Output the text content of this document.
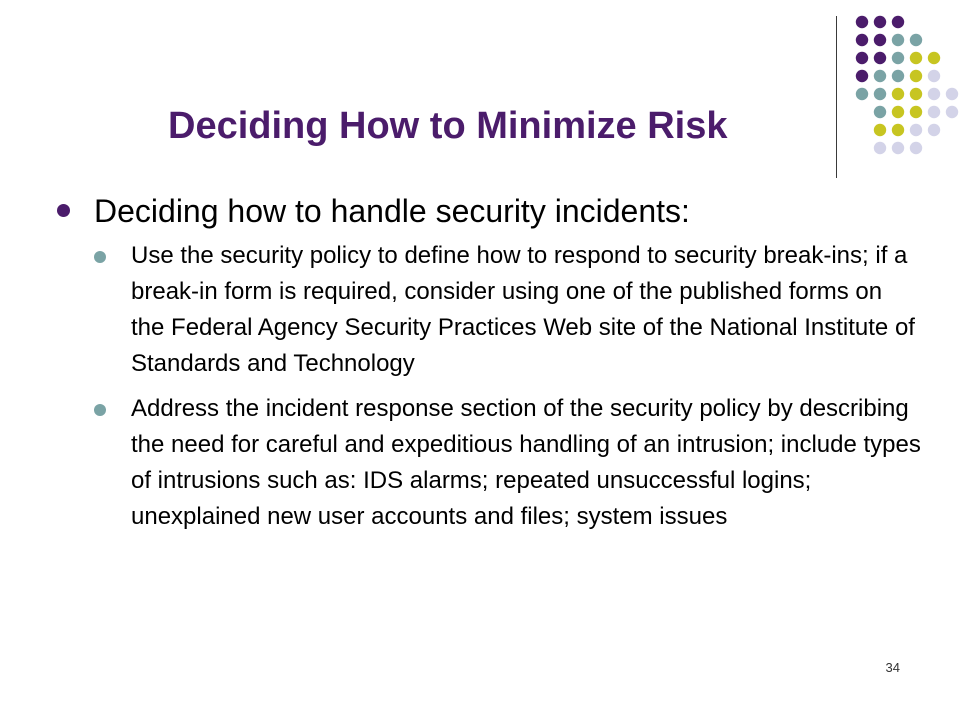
Deciding How to Minimize Risk
Deciding how to handle security incidents:
Use the security policy to define how to respond to security break-ins; if a break-in form is required, consider using one of the published forms on the Federal Agency Security Practices Web site of the National Institute of Standards and Technology
Address the incident response section of the security policy by describing the need for careful and expeditious handling of an intrusion; include types of intrusions such as: IDS alarms; repeated unsuccessful logins; unexplained new user accounts and files; system issues
34
